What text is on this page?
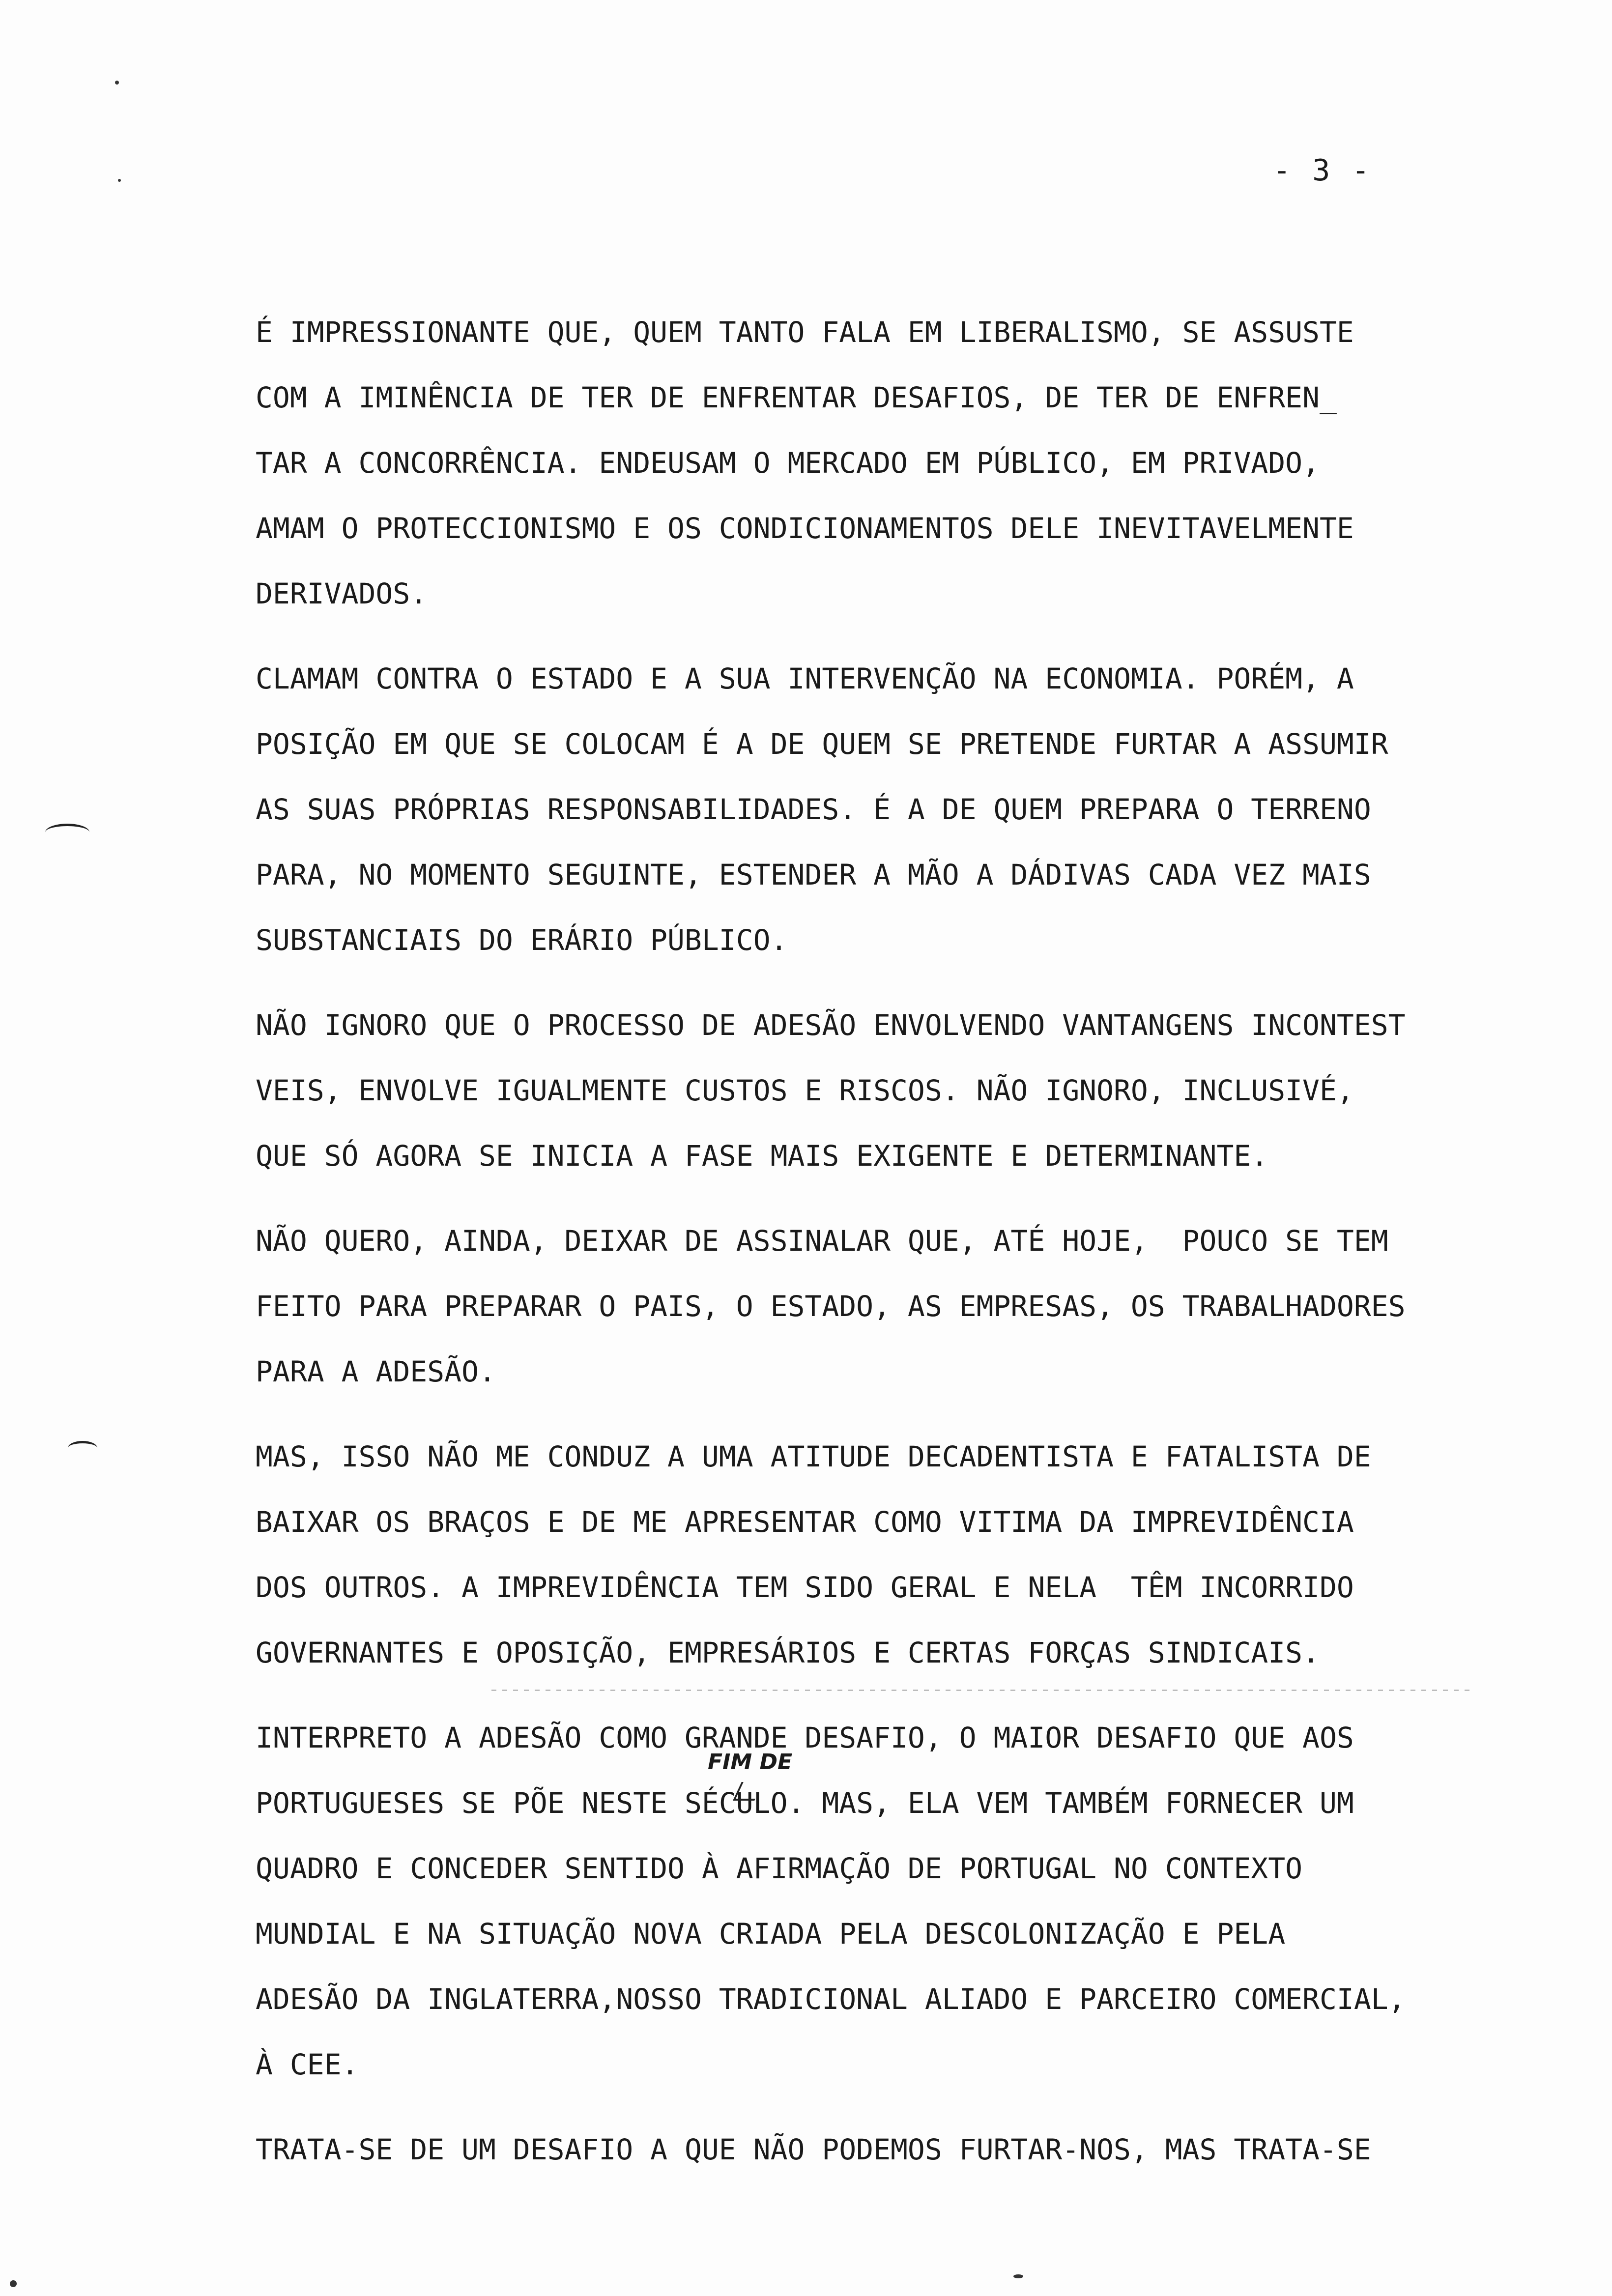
- 3 -
É IMPRESSIONANTE QUE, QUEM TANTO FALA EM LIBERALISMO, SE ASSUSTE
COM A IMINÊNCIA DE TER DE ENFRENTAR DESAFIOS, DE TER DE ENFREN_
TAR A CONCORRÊNCIA. ENDEUSAM O MERCADO EM PÚBLICO, EM PRIVADO,
AMAM O PROTECCIONISMO E OS CONDICIONAMENTOS DELE INEVITAVELMENTE
DERIVADOS.
CLAMAM CONTRA O ESTADO E A SUA INTERVENÇÃO NA ECONOMIA. PORÉM, A
POSIÇÃO EM QUE SE COLOCAM É A DE QUEM SE PRETENDE FURTAR A ASSUMIR
AS SUAS PRÓPRIAS RESPONSABILIDADES. É A DE QUEM PREPARA O TERRENO
PARA, NO MOMENTO SEGUINTE, ESTENDER A MÃO A DÁDIVAS CADA VEZ MAIS
SUBSTANCIAIS DO ERÁRIO PÚBLICO.
NÃO IGNORO QUE O PROCESSO DE ADESÃO ENVOLVENDO VANTANGENS INCONTEST
VEIS, ENVOLVE IGUALMENTE CUSTOS E RISCOS. NÃO IGNORO, INCLUSIVÉ,
QUE SÓ AGORA SE INICIA A FASE MAIS EXIGENTE E DETERMINANTE.
NÃO QUERO, AINDA, DEIXAR DE ASSINALAR QUE, ATÉ HOJE,  POUCO SE TEM
FEITO PARA PREPARAR O PAIS, O ESTADO, AS EMPRESAS, OS TRABALHADORES
PARA A ADESÃO.
MAS, ISSO NÃO ME CONDUZ A UMA ATITUDE DECADENTISTA E FATALISTA DE
BAIXAR OS BRAÇOS E DE ME APRESENTAR COMO VITIMA DA IMPREVIDÊNCIA
DOS OUTROS. A IMPREVIDÊNCIA TEM SIDO GERAL E NELA  TÊM INCORRIDO
GOVERNANTES E OPOSIÇÃO, EMPRESÁRIOS E CERTAS FORÇAS SINDICAIS.
INTERPRETO A ADESÃO COMO GRANDE DESAFIO, O MAIOR DESAFIO QUE AOS
PORTUGUESES SE PÕE NESTE SÉCULO. MAS, ELA VEM TAMBÉM FORNECER UM
QUADRO E CONCEDER SENTIDO À AFIRMAÇÃO DE PORTUGAL NO CONTEXTO
MUNDIAL E NA SITUAÇÃO NOVA CRIADA PELA DESCOLONIZAÇÃO E PELA
ADESÃO DA INGLATERRA,NOSSO TRADICIONAL ALIADO E PARCEIRO COMERCIAL,
À CEE.
TRATA-SE DE UM DESAFIO A QUE NÃO PODEMOS FURTAR-NOS, MAS TRATA-SE
FIM DE
